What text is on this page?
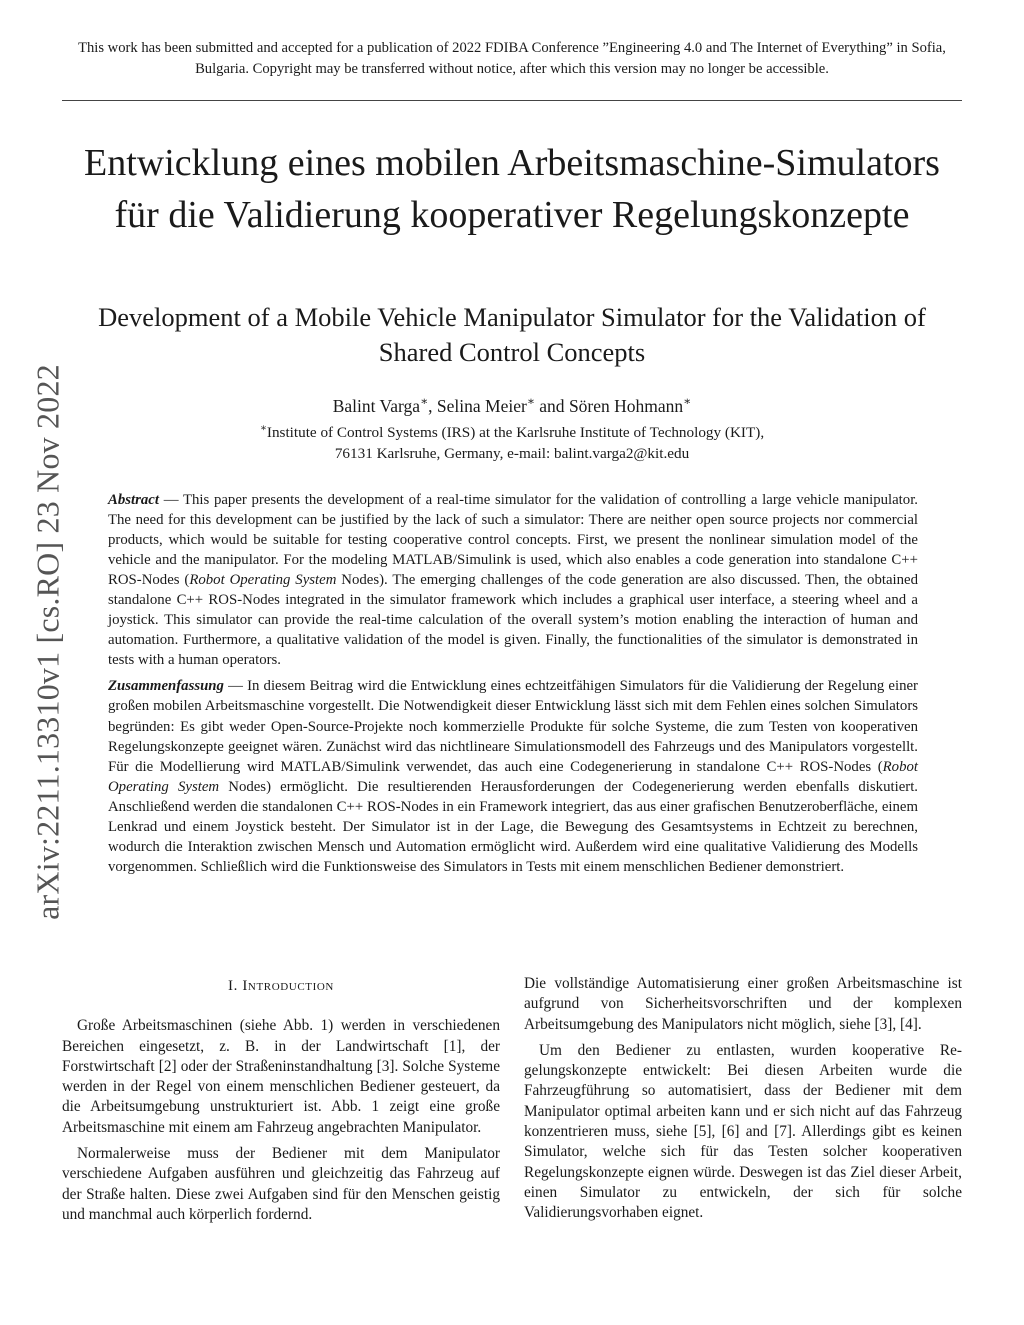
This work has been submitted and accepted for a publication of 2022 FDIBA Conference ”Engineering 4.0 and The Internet of Everything” in Sofia, Bulgaria. Copyright may be transferred without notice, after which this version may no longer be accessible.
arXiv:2211.13310v1 [cs.RO] 23 Nov 2022
Entwicklung eines mobilen Arbeitsmaschine-Simulators für die Validierung kooperativer Regelungskonzepte
Development of a Mobile Vehicle Manipulator Simulator for the Validation of Shared Control Concepts
Balint Varga∗, Selina Meier∗ and Sören Hohmann∗
∗Institute of Control Systems (IRS) at the Karlsruhe Institute of Technology (KIT),
76131 Karlsruhe, Germany, e-mail: balint.varga2@kit.edu

Abstract — This paper presents the development of a real-time simulator for the validation of controlling a large vehicle manipulator. The need for this development can be justified by the lack of such a simulator: There are neither open source projects nor commercial products, which would be suitable for testing cooperative control concepts. First, we present the nonlinear simulation model of the vehicle and the manipulator. For the modeling MATLAB/Simulink is used, which also enables a code generation into standalone C++ ROS-Nodes (Robot Operating System Nodes). The emerging challenges of the code generation are also discussed. Then, the obtained standalone C++ ROS-Nodes integrated in the simulator framework which includes a graphical user interface, a steering wheel and a joystick. This simulator can provide the real-time calculation of the overall system’s motion enabling the interaction of human and automation. Furthermore, a qualitative validation of the model is given. Finally, the functionalities of the simulator is demonstrated in tests with a human operators.

Zusammenfassung — In diesem Beitrag wird die Entwicklung eines echtzeitfähigen Simulators für die Validierung der Regelung einer großen mobilen Arbeitsmaschine vorgestellt. Die Notwendigkeit dieser Entwicklung lässt sich mit dem Fehlen eines solchen Simulators begründen: Es gibt weder Open-Source-Projekte noch kommerzielle Produkte für solche Systeme, die zum Testen von kooperativen Regelungskonzepte geeignet wären. Zunächst wird das nichtlineare Simulationsmodell des Fahrzeugs und des Manipulators vorgestellt. Für die Modellierung wird MATLAB/Simulink verwendet, das auch eine Codegenerierung in standalone C++ ROS-Nodes (Robot Operating System Nodes) ermöglicht. Die resultierenden Herausforderungen der Codegenerierung werden ebenfalls diskutiert. Anschließend werden die standalonen C++ ROS-Nodes in ein Framework integriert, das aus einer grafischen Benutzeroberfläche, einem Lenkrad und einem Joystick besteht. Der Simulator ist in der Lage, die Bewegung des Gesamtsystems in Echtzeit zu berechnen, wodurch die Interaktion zwischen Mensch und Automation ermöglicht wird. Außerdem wird eine qualitative Validierung des Modells vorgenommen. Schließlich wird die Funktionsweise des Simulators in Tests mit einem menschlichen Bediener demonstriert.

I. Introduction

Große Arbeitsmaschinen (siehe Abb. 1) werden in verschiedenen Bereichen eingesetzt, z. B. in der Landwirtschaft [1], der Forstwirtschaft [2] oder der Straßeninstandhaltung [3]. Solche Systeme werden in der Regel von einem menschlichen Bediener gesteuert, da die Arbeitsumgebung unstrukturiert ist. Abb. 1 zeigt eine große Arbeitsmaschine mit einem am Fahrzeug angebrachten Manipulator.

Normalerweise muss der Bediener mit dem Manipulator verschiedene Aufgaben ausführen und gleichzeitig das Fahrzeug auf der Straße halten. Diese zwei Aufgaben sind für den Menschen geistig und manchmal auch körperlich fordernd.

Die vollständige Automatisierung einer großen Arbeitsmaschine ist aufgrund von Sicherheitsvorschriften und der komplexen Arbeitsumgebung des Manipulators nicht möglich, siehe [3], [4].

Um den Bediener zu entlasten, wurden kooperative Regelungskonzepte entwickelt: Bei diesen Arbeiten wurde die Fahrzeugführung so automatisiert, dass der Bediener mit dem Manipulator optimal arbeiten kann und er sich nicht auf das Fahrzeug konzentrieren muss, siehe [5], [6] and [7]. Allerdings gibt es keinen Simulator, welche sich für das Testen solcher kooperativen Regelungskonzepte eignen würde. Deswegen ist das Ziel dieser Arbeit, einen Simulator zu entwickeln, der sich für solche Validierungsvorhaben eignet.
